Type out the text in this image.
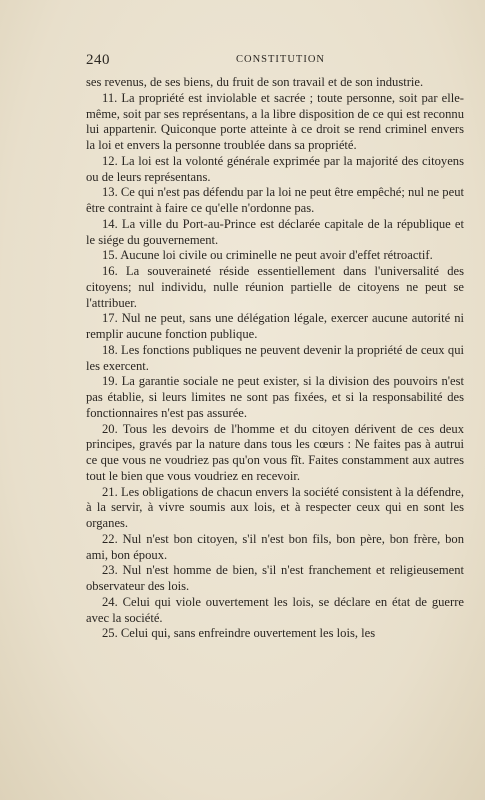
240	CONSTITUTION

ses revenus, de ses biens, du fruit de son travail et de son industrie.

11. La propriété est inviolable et sacrée ; toute personne, soit par elle-même, soit par ses représentans, a la libre disposition de ce qui est reconnu lui appartenir. Quiconque porte atteinte à ce droit se rend criminel envers la loi et envers la personne troublée dans sa propriété.

12. La loi est la volonté générale exprimée par la majorité des citoyens ou de leurs représentans.

13. Ce qui n'est pas défendu par la loi ne peut être empêché; nul ne peut être contraint à faire ce qu'elle n'ordonne pas.

14. La ville du Port-au-Prince est déclarée capitale de la république et le siége du gouvernement.

15. Aucune loi civile ou criminelle ne peut avoir d'effet rétroactif.

16. La souveraineté réside essentiellement dans l'universalité des citoyens; nul individu, nulle réunion partielle de citoyens ne peut se l'attribuer.

17. Nul ne peut, sans une délégation légale, exercer aucune autorité ni remplir aucune fonction publique.

18. Les fonctions publiques ne peuvent devenir la propriété de ceux qui les exercent.

19. La garantie sociale ne peut exister, si la division des pouvoirs n'est pas établie, si leurs limites ne sont pas fixées, et si la responsabilité des fonctionnaires n'est pas assurée.

20. Tous les devoirs de l'homme et du citoyen dérivent de ces deux principes, gravés par la nature dans tous les cœurs : Ne faites pas à autrui ce que vous ne voudriez pas qu'on vous fît. Faites constamment aux autres tout le bien que vous voudriez en recevoir.

21. Les obligations de chacun envers la société consistent à la défendre, à la servir, à vivre soumis aux lois, et à respecter ceux qui en sont les organes.

22. Nul n'est bon citoyen, s'il n'est bon fils, bon père, bon frère, bon ami, bon époux.

23. Nul n'est homme de bien, s'il n'est franchement et religieusement observateur des lois.

24. Celui qui viole ouvertement les lois, se déclare en état de guerre avec la société.

25. Celui qui, sans enfreindre ouvertement les lois, les
